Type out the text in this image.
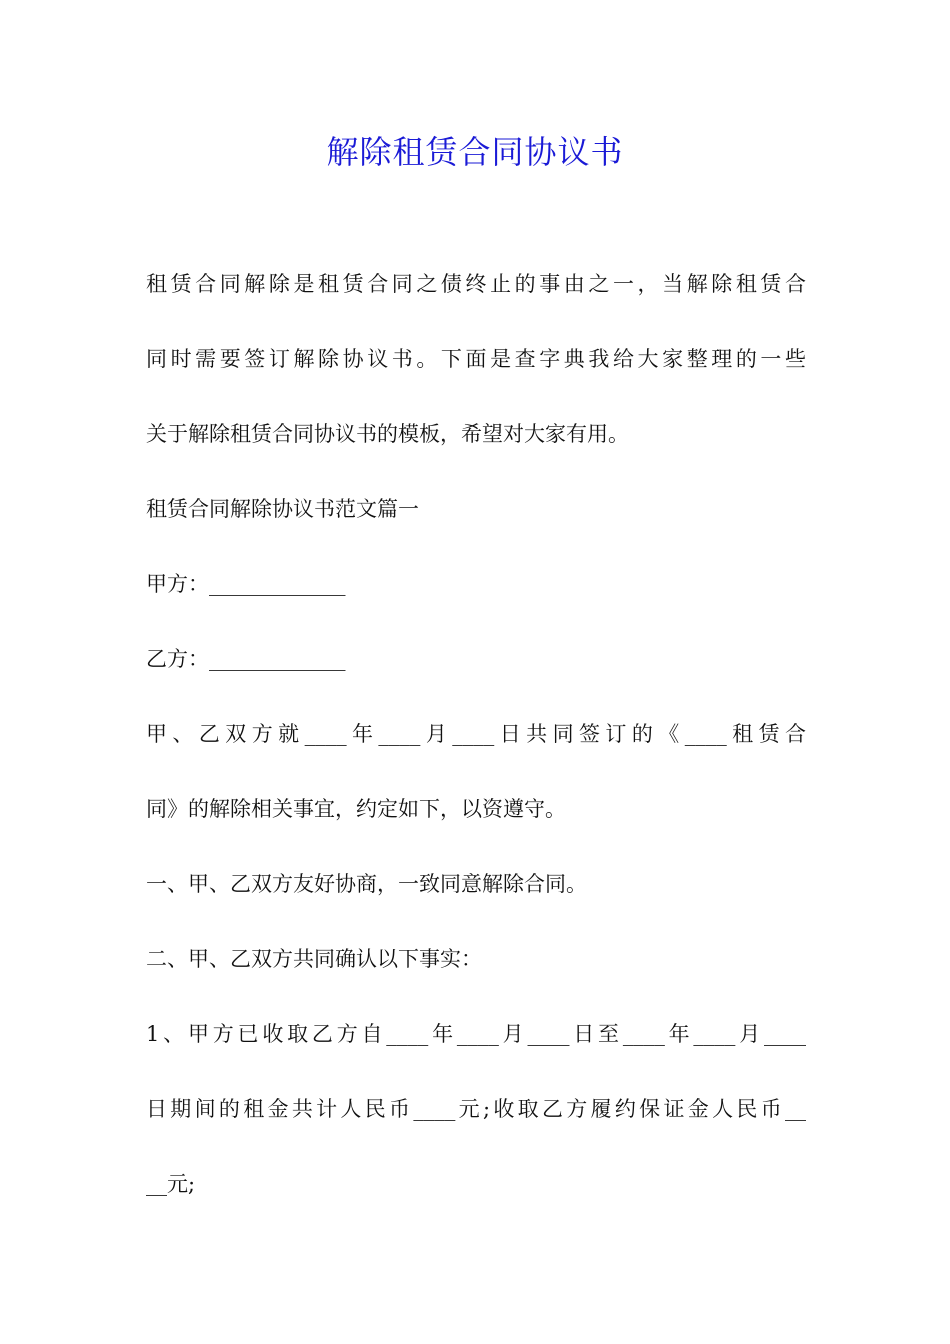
解除租赁合同协议书
租赁合同解除是租赁合同之债终止的事由之一，当解除租赁合
同时需要签订解除协议书。下面是查字典我给大家整理的一些
关于解除租赁合同协议书的模板，希望对大家有用。
租赁合同解除协议书范文篇一
甲方：_____________
乙方：_____________
甲、乙双方就____年____月____日共同签订的《____租赁合
同》的解除相关事宜，约定如下，以资遵守。
一、甲、乙双方友好协商，一致同意解除合同。
二、甲、乙双方共同确认以下事实：
1、甲方已收取乙方自____年____月____日至____年____月____
日期间的租金共计人民币____元;收取乙方履约保证金人民币__
__元;
